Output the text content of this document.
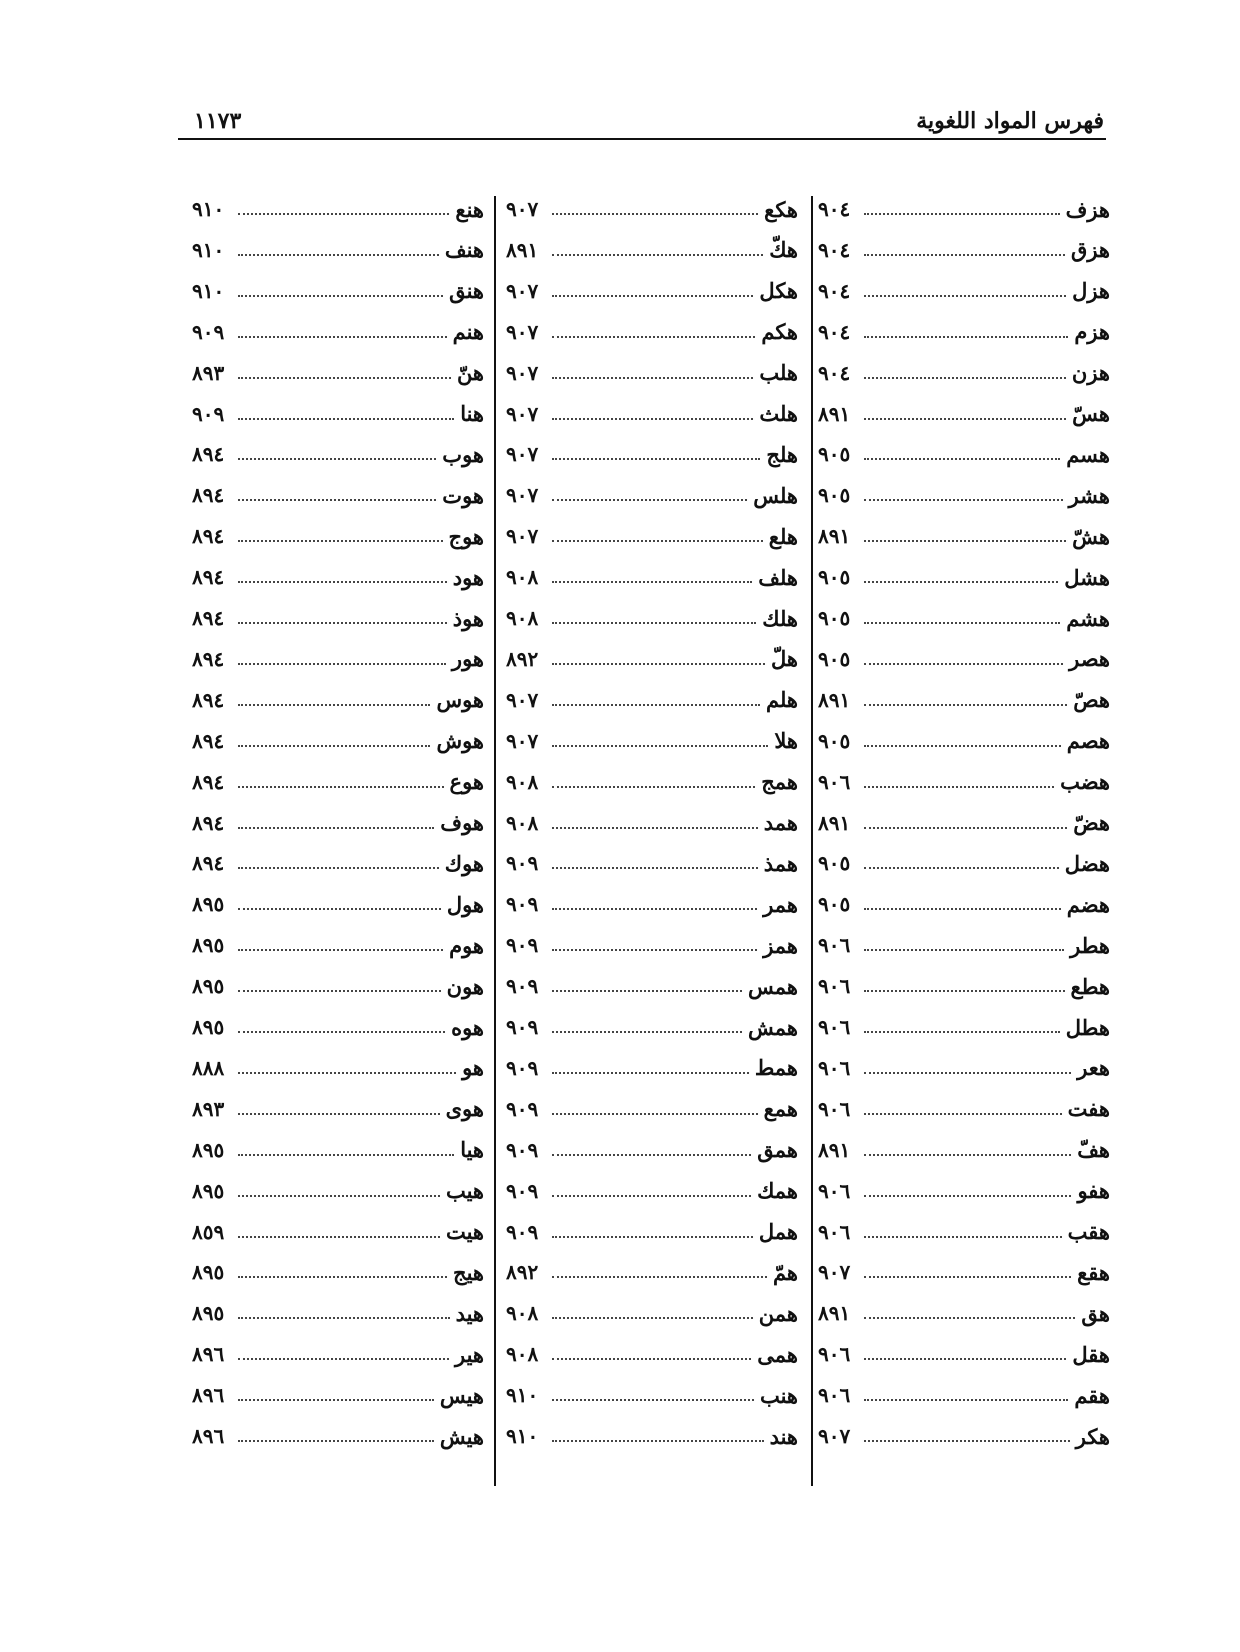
فهرس المواد اللغوية
١١٧٣
هزف
٩٠٤
هزق
٩٠٤
هزل
٩٠٤
هزم
٩٠٤
هزن
٩٠٤
هسّ
٨٩١
هسم
٩٠٥
هشر
٩٠٥
هشّ
٨٩١
هشل
٩٠٥
هشم
٩٠٥
هصر
٩٠٥
هصّ
٨٩١
هصم
٩٠٥
هضب
٩٠٦
هضّ
٨٩١
هضل
٩٠٥
هضم
٩٠٥
هطر
٩٠٦
هطع
٩٠٦
هطل
٩٠٦
هعر
٩٠٦
هفت
٩٠٦
هفّ
٨٩١
هفو
٩٠٦
هقب
٩٠٦
هقع
٩٠٧
هق
٨٩١
هقل
٩٠٦
هقم
٩٠٦
هكر
٩٠٧
هكع
٩٠٧
هكّ
٨٩١
هكل
٩٠٧
هكم
٩٠٧
هلب
٩٠٧
هلث
٩٠٧
هلج
٩٠٧
هلس
٩٠٧
هلع
٩٠٧
هلف
٩٠٨
هلك
٩٠٨
هلّ
٨٩٢
هلم
٩٠٧
هلا
٩٠٧
همج
٩٠٨
همد
٩٠٨
همذ
٩٠٩
همر
٩٠٩
همز
٩٠٩
همس
٩٠٩
همش
٩٠٩
همط
٩٠٩
همع
٩٠٩
همق
٩٠٩
همك
٩٠٩
همل
٩٠٩
همّ
٨٩٢
همن
٩٠٨
همى
٩٠٨
هنب
٩١٠
هند
٩١٠
هنع
٩١٠
هنف
٩١٠
هنق
٩١٠
هنم
٩٠٩
هنّ
٨٩٣
هنا
٩٠٩
هوب
٨٩٤
هوت
٨٩٤
هوج
٨٩٤
هود
٨٩٤
هوذ
٨٩٤
هور
٨٩٤
هوس
٨٩٤
هوش
٨٩٤
هوع
٨٩٤
هوف
٨٩٤
هوك
٨٩٤
هول
٨٩٥
هوم
٨٩٥
هون
٨٩٥
هوه
٨٩٥
هو
٨٨٨
هوى
٨٩٣
هيا
٨٩٥
هيب
٨٩٥
هيت
٨٥٩
هيج
٨٩٥
هيد
٨٩٥
هير
٨٩٦
هيس
٨٩٦
هيش
٨٩٦
